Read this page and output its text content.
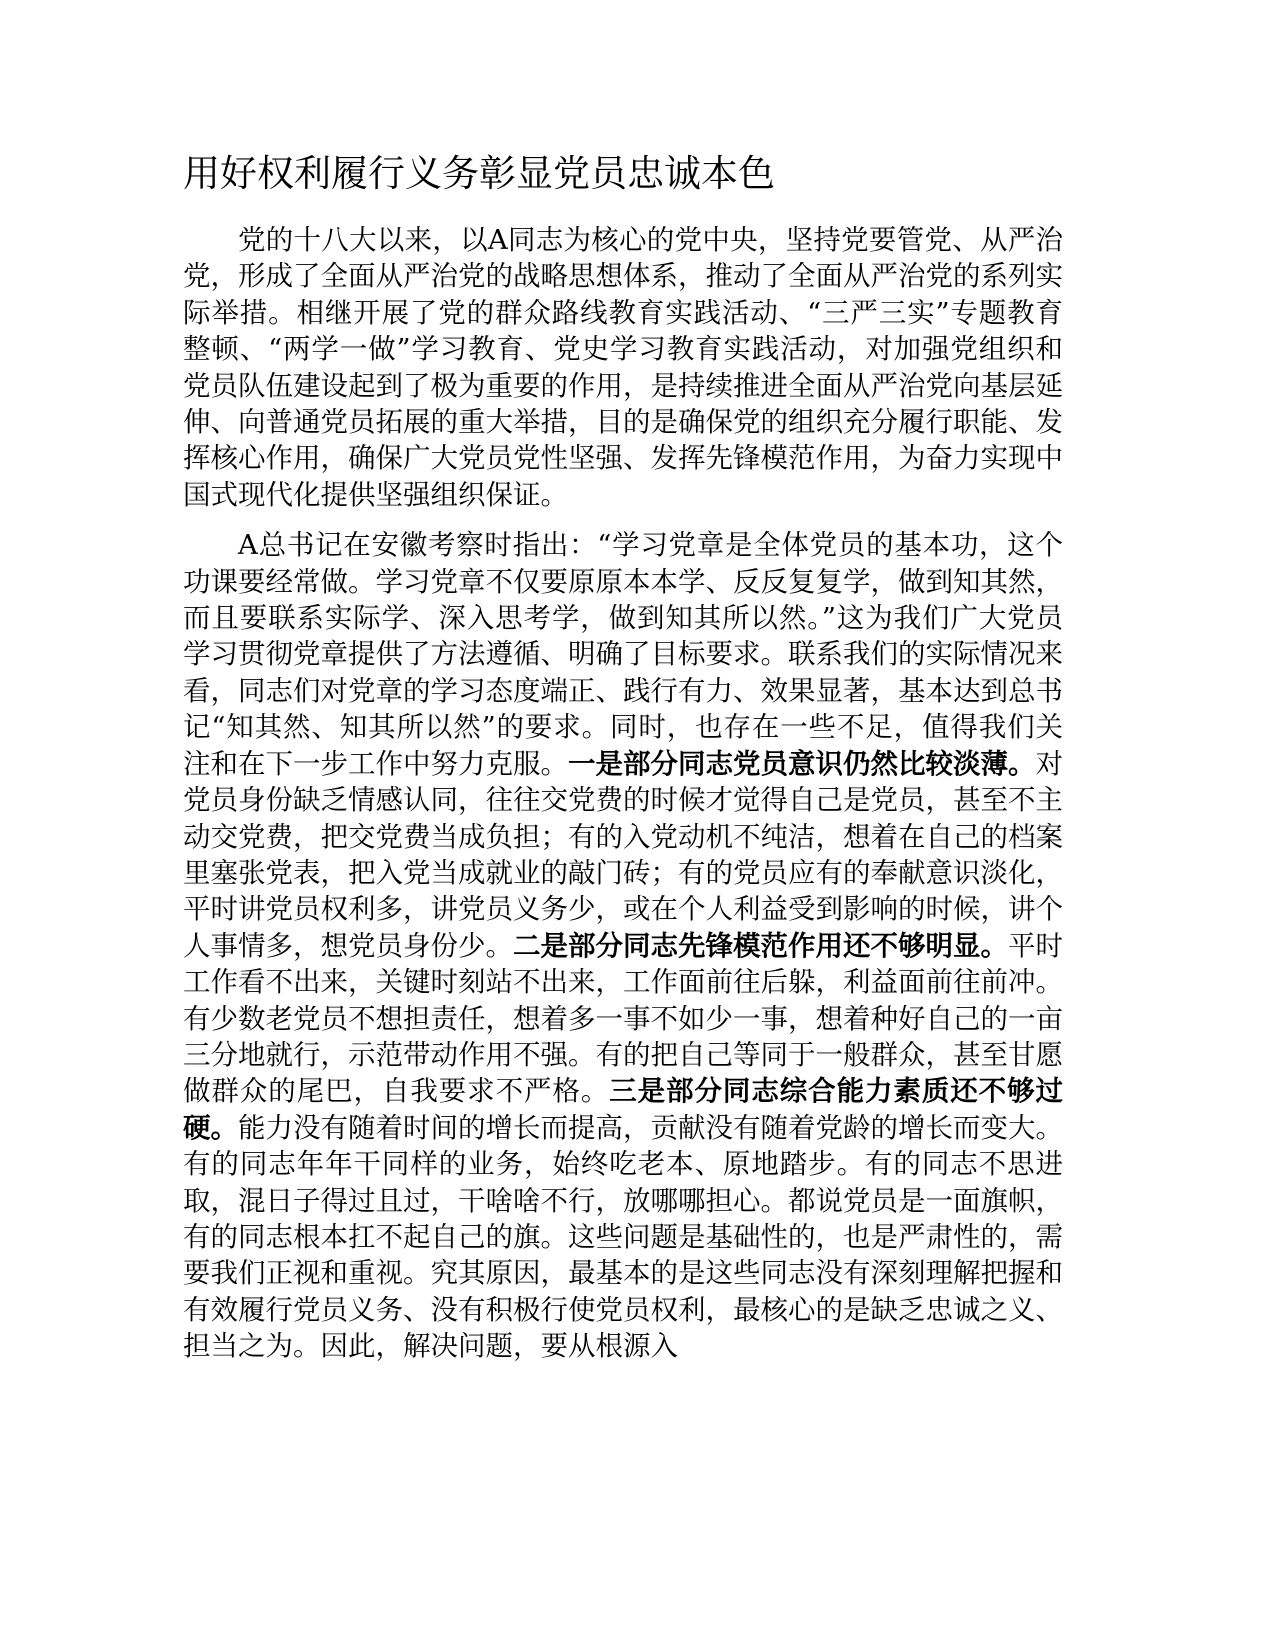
用好权利履行义务彰显党员忠诚本色

党的十八大以来，以A同志为核心的党中央，坚持党要管党、从严治党，形成了全面从严治党的战略思想体系，推动了全面从严治党的系列实际举措。相继开展了党的群众路线教育实践活动、“三严三实”专题教育整顿、“两学一做”学习教育、党史学习教育实践活动，对加强党组织和党员队伍建设起到了极为重要的作用，是持续推进全面从严治党向基层延伸、向普通党员拓展的重大举措，目的是确保党的组织充分履行职能、发挥核心作用，确保广大党员党性坚强、发挥先锋模范作用，为奋力实现中国式现代化提供坚强组织保证。

A总书记在安徽考察时指出：“学习党章是全体党员的基本功，这个功课要经常做。学习党章不仅要原原本本学、反反复复学，做到知其然，而且要联系实际学、深入思考学，做到知其所以然。”这为我们广大党员学习贯彻党章提供了方法遵循、明确了目标要求。联系我们的实际情况来看，同志们对党章的学习态度端正、践行有力、效果显著，基本达到总书记“知其然、知其所以然”的要求。同时，也存在一些不足，值得我们关注和在下一步工作中努力克服。一是部分同志党员意识仍然比较淡薄。对党员身份缺乏情感认同，往往交党费的时候才觉得自己是党员，甚至不主动交党费，把交党费当成负担；有的入党动机不纯洁，想着在自己的档案里塞张党表，把入党当成就业的敲门砖；有的党员应有的奉献意识淡化，平时讲党员权利多，讲党员义务少，或在个人利益受到影响的时候，讲个人事情多，想党员身份少。二是部分同志先锋模范作用还不够明显。平时工作看不出来，关键时刻站不出来，工作面前往后躲，利益面前往前冲。有少数老党员不想担责任，想着多一事不如少一事，想着种好自己的一亩三分地就行，示范带动作用不强。有的把自己等同于一般群众，甚至甘愿做群众的尾巴，自我要求不严格。三是部分同志综合能力素质还不够过硬。能力没有随着时间的增长而提高，贡献没有随着党龄的增长而变大。有的同志年年干同样的业务，始终吃老本、原地踏步。有的同志不思进取，混日子得过且过，干啥啥不行，放哪哪担心。都说党员是一面旗帜，有的同志根本扛不起自己的旗。这些问题是基础性的，也是严肃性的，需要我们正视和重视。究其原因，最基本的是这些同志没有深刻理解把握和有效履行党员义务、没有积极行使党员权利，最核心的是缺乏忠诚之义、担当之为。因此，解决问题，要从根源入
